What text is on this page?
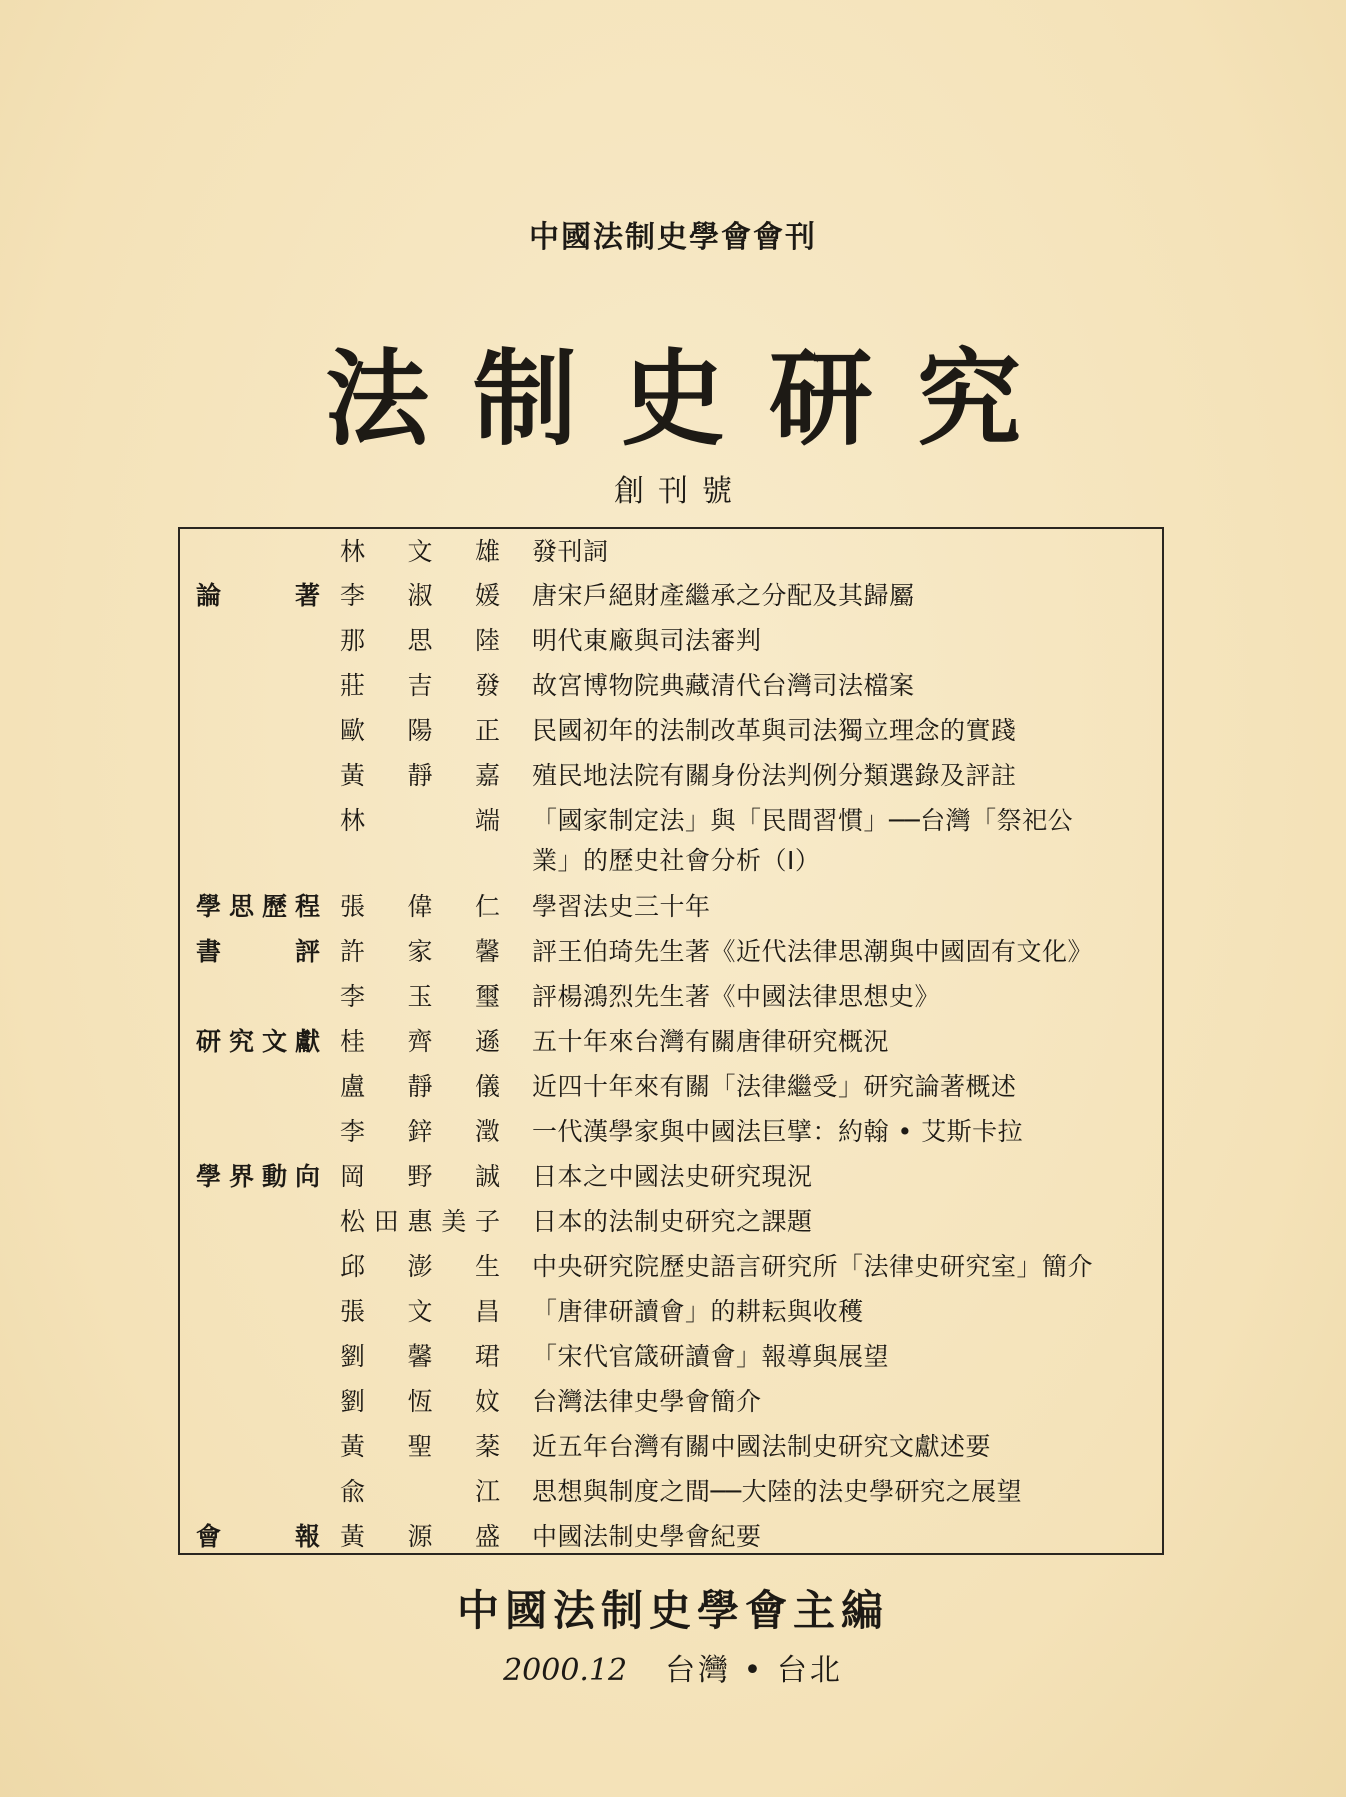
中國法制史學會會刊
法制史研究
創刊號
林 文 雄 發刊詞
論 著 李 淑 媛 唐宋戶絕財產繼承之分配及其歸屬
那 思 陸 明代東廠與司法審判
莊 吉 發 故宮博物院典藏清代台灣司法檔案
歐 陽 正 民國初年的法制改革與司法獨立理念的實踐
黃 靜 嘉 殖民地法院有關身份法判例分類選錄及評註
林 端 「國家制定法」與「民間習慣」──台灣「祭祀公
業」的歷史社會分析（I）
學思歷程 張 偉 仁 學習法史三十年
書 評 許 家 馨 評王伯琦先生著《近代法律思潮與中國固有文化》
李 玉 璽 評楊鴻烈先生著《中國法律思想史》
研究文獻 桂 齊 遜 五十年來台灣有關唐律研究概況
盧 靜 儀 近四十年來有關「法律繼受」研究論著概述
李 鋅 澂 一代漢學家與中國法巨擘：約翰 • 艾斯卡拉
學界動向 岡 野 誠 日本之中國法史研究現況
松田惠美子 日本的法制史研究之課題
邱 澎 生 中央研究院歷史語言研究所「法律史研究室」簡介
張 文 昌 「唐律研讀會」的耕耘與收穫
劉 馨 珺 「宋代官箴研讀會」報導與展望
劉 恆 妏 台灣法律史學會簡介
黃 聖 棻 近五年台灣有關中國法制史研究文獻述要
兪 江 思想與制度之間──大陸的法史學研究之展望
會 報 黃 源 盛 中國法制史學會紀要
中國法制史學會主編
2000.12 台灣 • 台北
